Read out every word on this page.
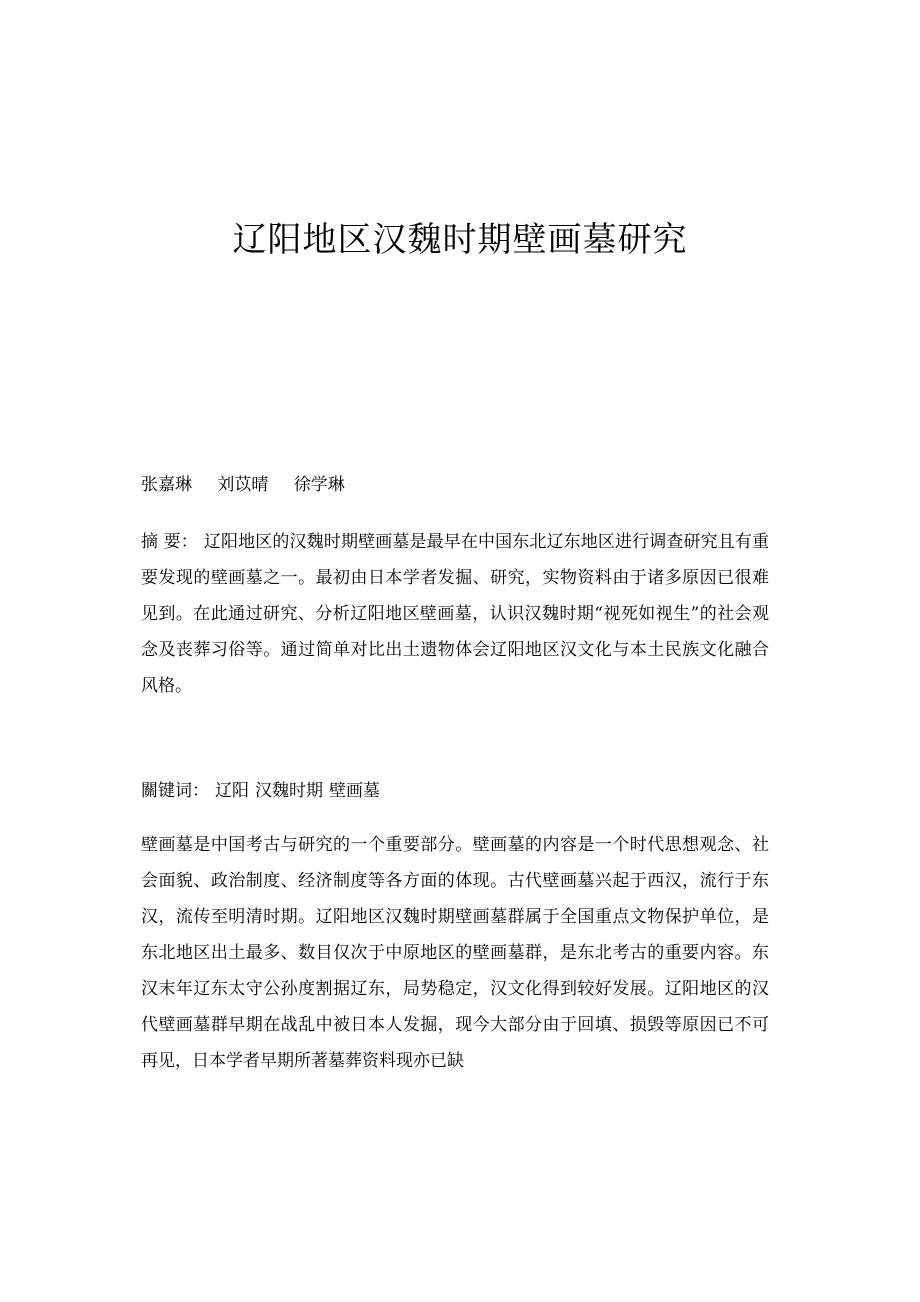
辽阳地区汉魏时期壁画墓研究
张嘉琳 刘苡晴 徐学琳
摘 要： 辽阳地区的汉魏时期壁画墓是最早在中国东北辽东地区进行调查研究且有重要发现的壁画墓之一。最初由日本学者发掘、研究，实物资料由于诸多原因已很难见到。在此通过研究、分析辽阳地区壁画墓，认识汉魏时期“视死如视生”的社会观念及丧葬习俗等。通过简单对比出土遗物体会辽阳地区汉文化与本土民族文化融合风格。
關键词： 辽阳 汉魏时期 壁画墓
壁画墓是中国考古与研究的一个重要部分。壁画墓的内容是一个时代思想观念、社会面貌、政治制度、经济制度等各方面的体现。古代壁画墓兴起于西汉，流行于东汉，流传至明清时期。辽阳地区汉魏时期壁画墓群属于全国重点文物保护单位，是东北地区出土最多、数目仅次于中原地区的壁画墓群，是东北考古的重要内容。东汉末年辽东太守公孙度割据辽东，局势稳定，汉文化得到较好发展。辽阳地区的汉代壁画墓群早期在战乱中被日本人发掘，现今大部分由于回填、损毁等原因已不可再见，日本学者早期所著墓葬资料现亦已缺
